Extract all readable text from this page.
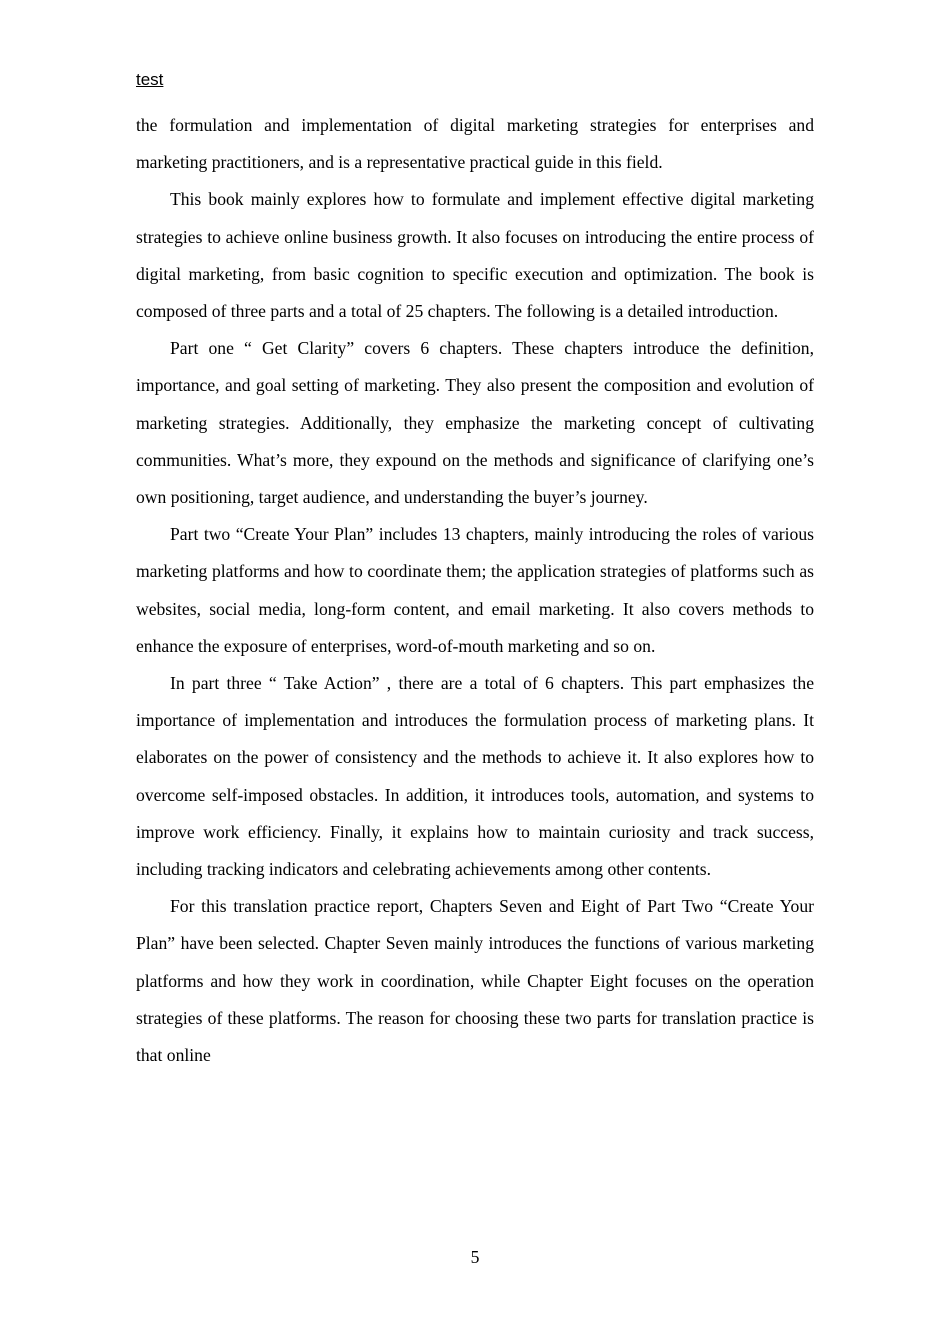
test

the formulation and implementation of digital marketing strategies for enterprises and marketing practitioners, and is a representative practical guide in this field.

This book mainly explores how to formulate and implement effective digital marketing strategies to achieve online business growth. It also focuses on introducing the entire process of digital marketing, from basic cognition to specific execution and optimization. The book is composed of three parts and a total of 25 chapters. The following is a detailed introduction.

Part one “ Get Clarity” covers 6 chapters. These chapters introduce the definition, importance, and goal setting of marketing. They also present the composition and evolution of marketing strategies. Additionally, they emphasize the marketing concept of cultivating communities. What’s more, they expound on the methods and significance of clarifying one’s own positioning, target audience, and understanding the buyer’s journey.

Part two “Create Your Plan” includes 13 chapters, mainly introducing the roles of various marketing platforms and how to coordinate them; the application strategies of platforms such as websites, social media, long-form content, and email marketing. It also covers methods to enhance the exposure of enterprises, word-of-mouth marketing and so on.

In part three “ Take Action” , there are a total of 6 chapters. This part emphasizes the importance of implementation and introduces the formulation process of marketing plans. It elaborates on the power of consistency and the methods to achieve it. It also explores how to overcome self-imposed obstacles. In addition, it introduces tools, automation, and systems to improve work efficiency. Finally, it explains how to maintain curiosity and track success, including tracking indicators and celebrating achievements among other contents.

For this translation practice report, Chapters Seven and Eight of Part Two “Create Your Plan” have been selected. Chapter Seven mainly introduces the functions of various marketing platforms and how they work in coordination, while Chapter Eight focuses on the operation strategies of these platforms. The reason for choosing these two parts for translation practice is that online

5
